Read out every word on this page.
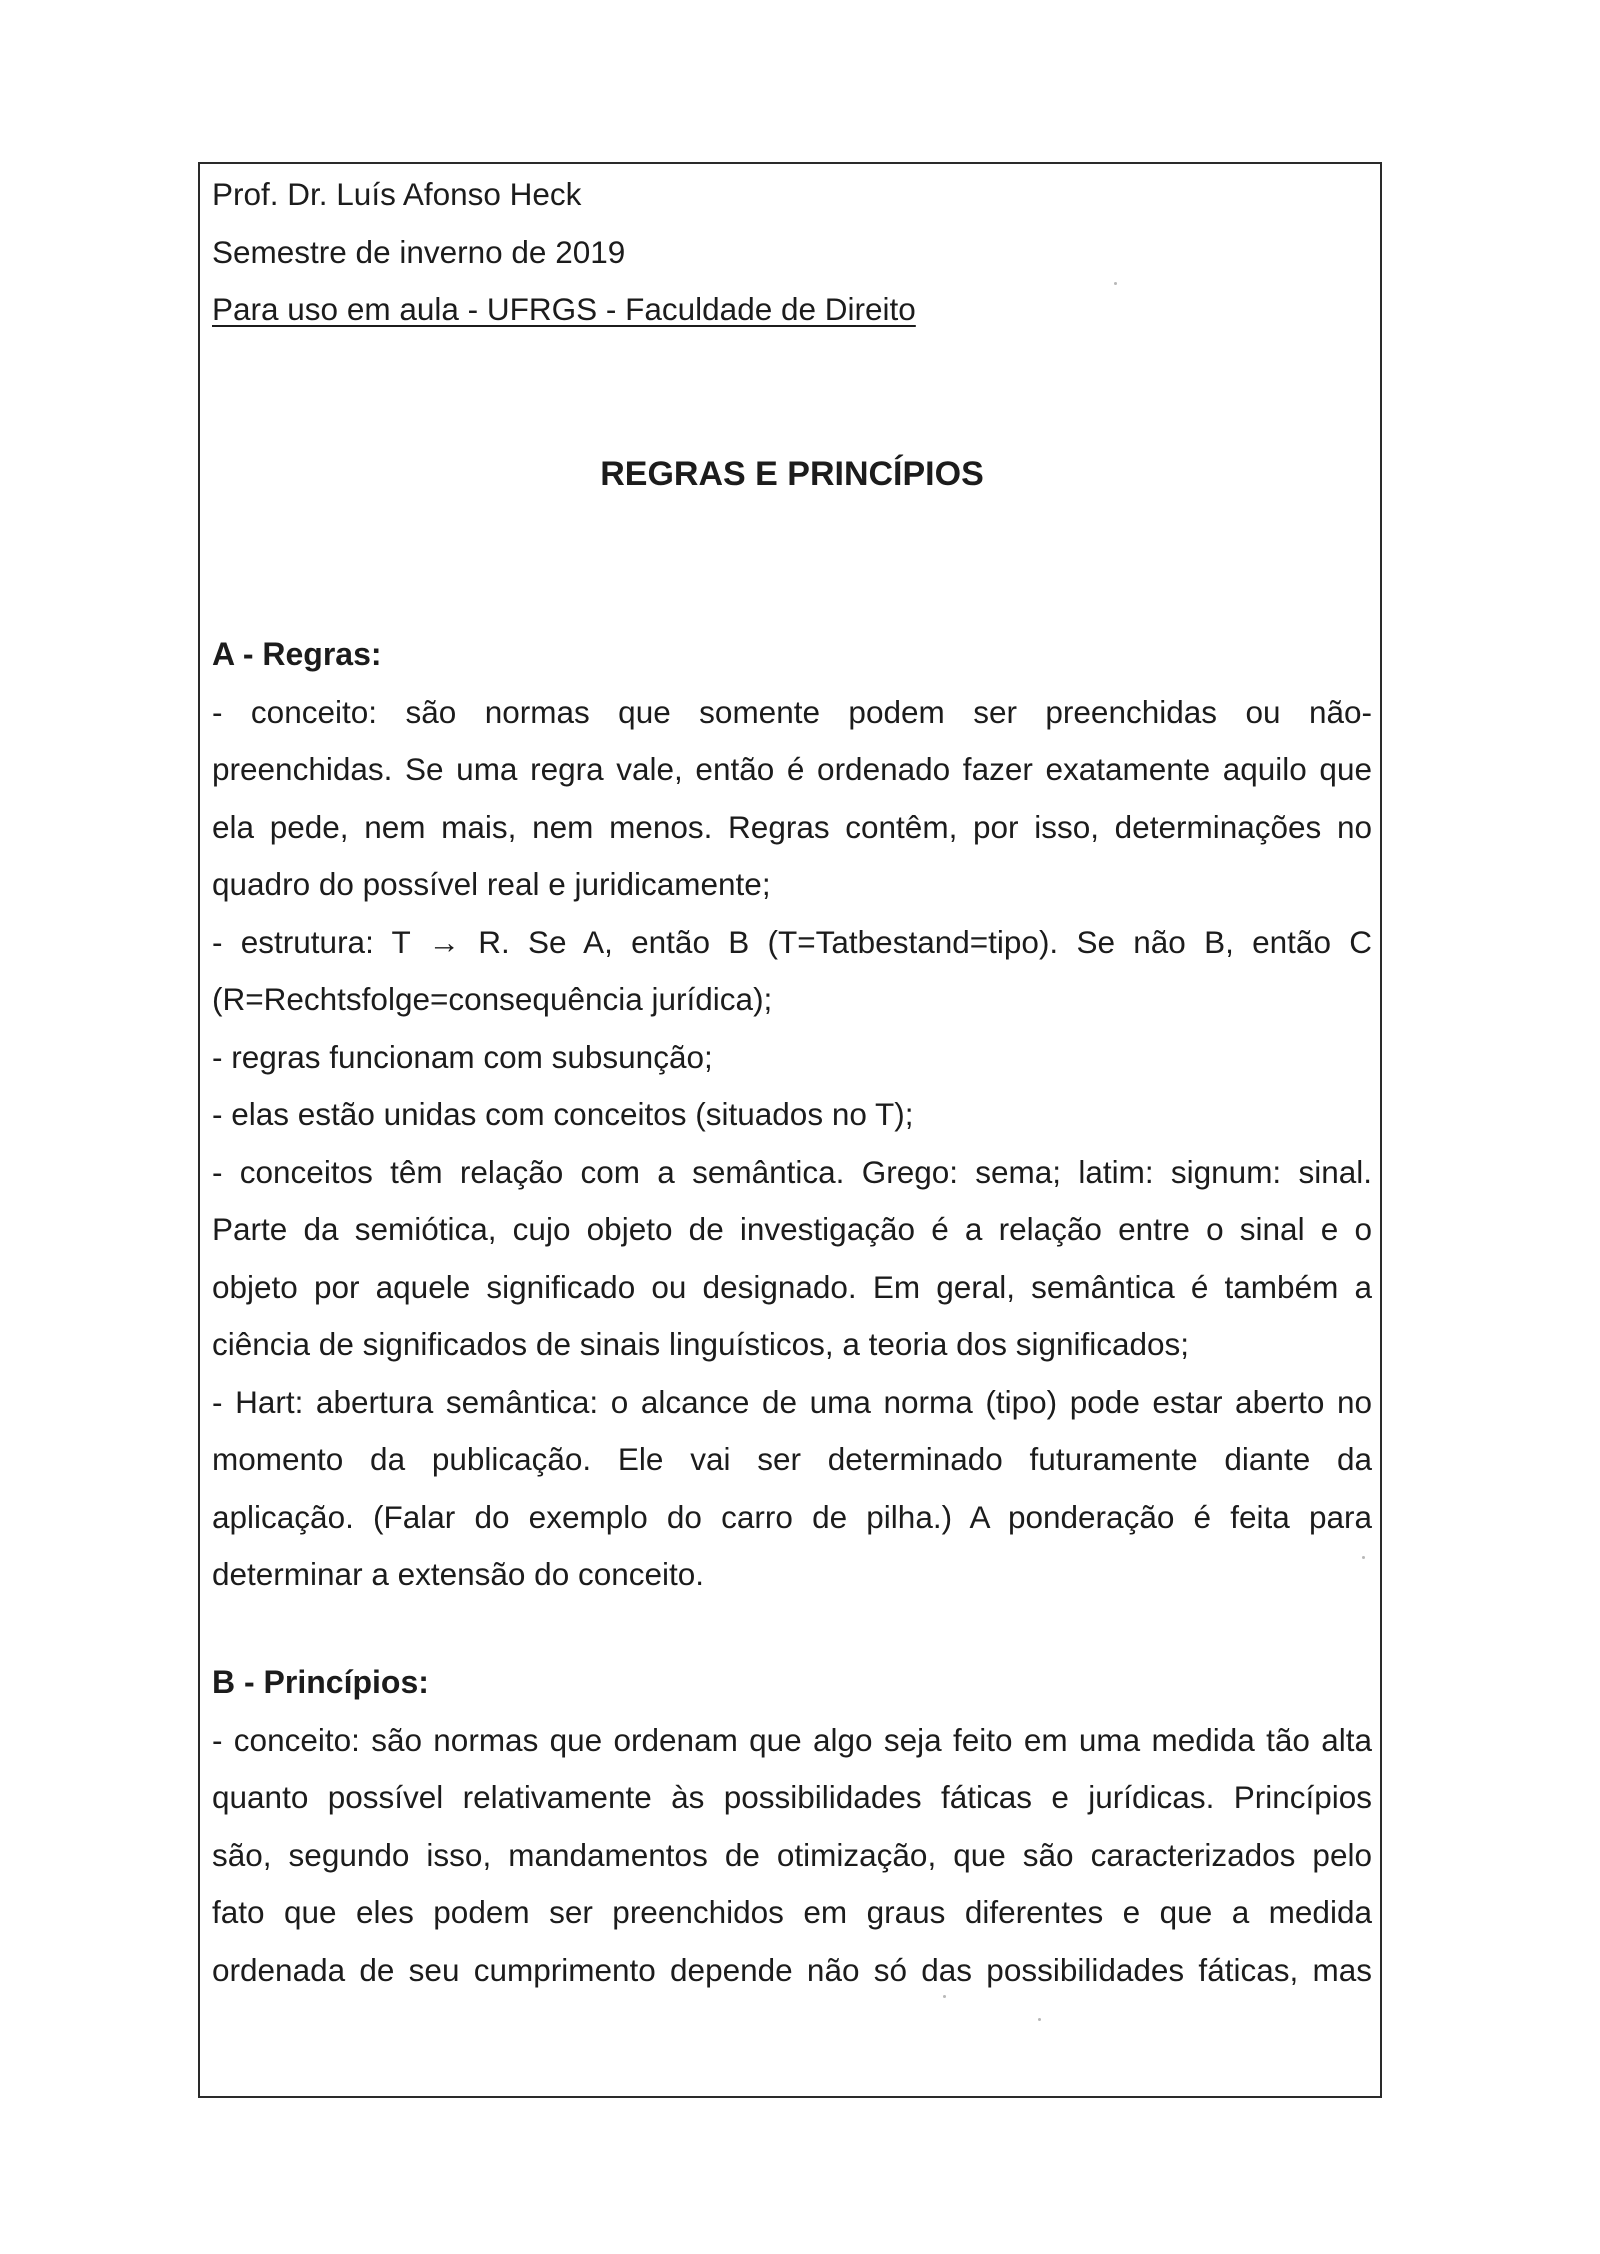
Prof. Dr. Luís Afonso Heck
Semestre de inverno de 2019
Para uso em aula - UFRGS - Faculdade de Direito
REGRAS E PRINCÍPIOS
A - Regras:
- conceito: são normas que somente podem ser preenchidas ou não-
preenchidas. Se uma regra vale, então é ordenado fazer exatamente aquilo que
ela pede, nem mais, nem menos. Regras contêm, por isso, determinações no
quadro do possível real e juridicamente;
- estrutura: T → R. Se A, então B (T=Tatbestand=tipo). Se não B, então C
(R=Rechtsfolge=consequência jurídica);
- regras funcionam com subsunção;
- elas estão unidas com conceitos (situados no T);
- conceitos têm relação com a semântica. Grego: sema; latim: signum: sinal.
Parte da semiótica, cujo objeto de investigação é a relação entre o sinal e o
objeto por aquele significado ou designado. Em geral, semântica é também a
ciência de significados de sinais linguísticos, a teoria dos significados;
- Hart: abertura semântica: o alcance de uma norma (tipo) pode estar aberto no
momento da publicação. Ele vai ser determinado futuramente diante da
aplicação. (Falar do exemplo do carro de pilha.) A ponderação é feita para
determinar a extensão do conceito.
B - Princípios:
- conceito: são normas que ordenam que algo seja feito em uma medida tão alta
quanto possível relativamente às possibilidades fáticas e jurídicas. Princípios
são, segundo isso, mandamentos de otimização, que são caracterizados pelo
fato que eles podem ser preenchidos em graus diferentes e que a medida
ordenada de seu cumprimento depende não só das possibilidades fáticas, mas
